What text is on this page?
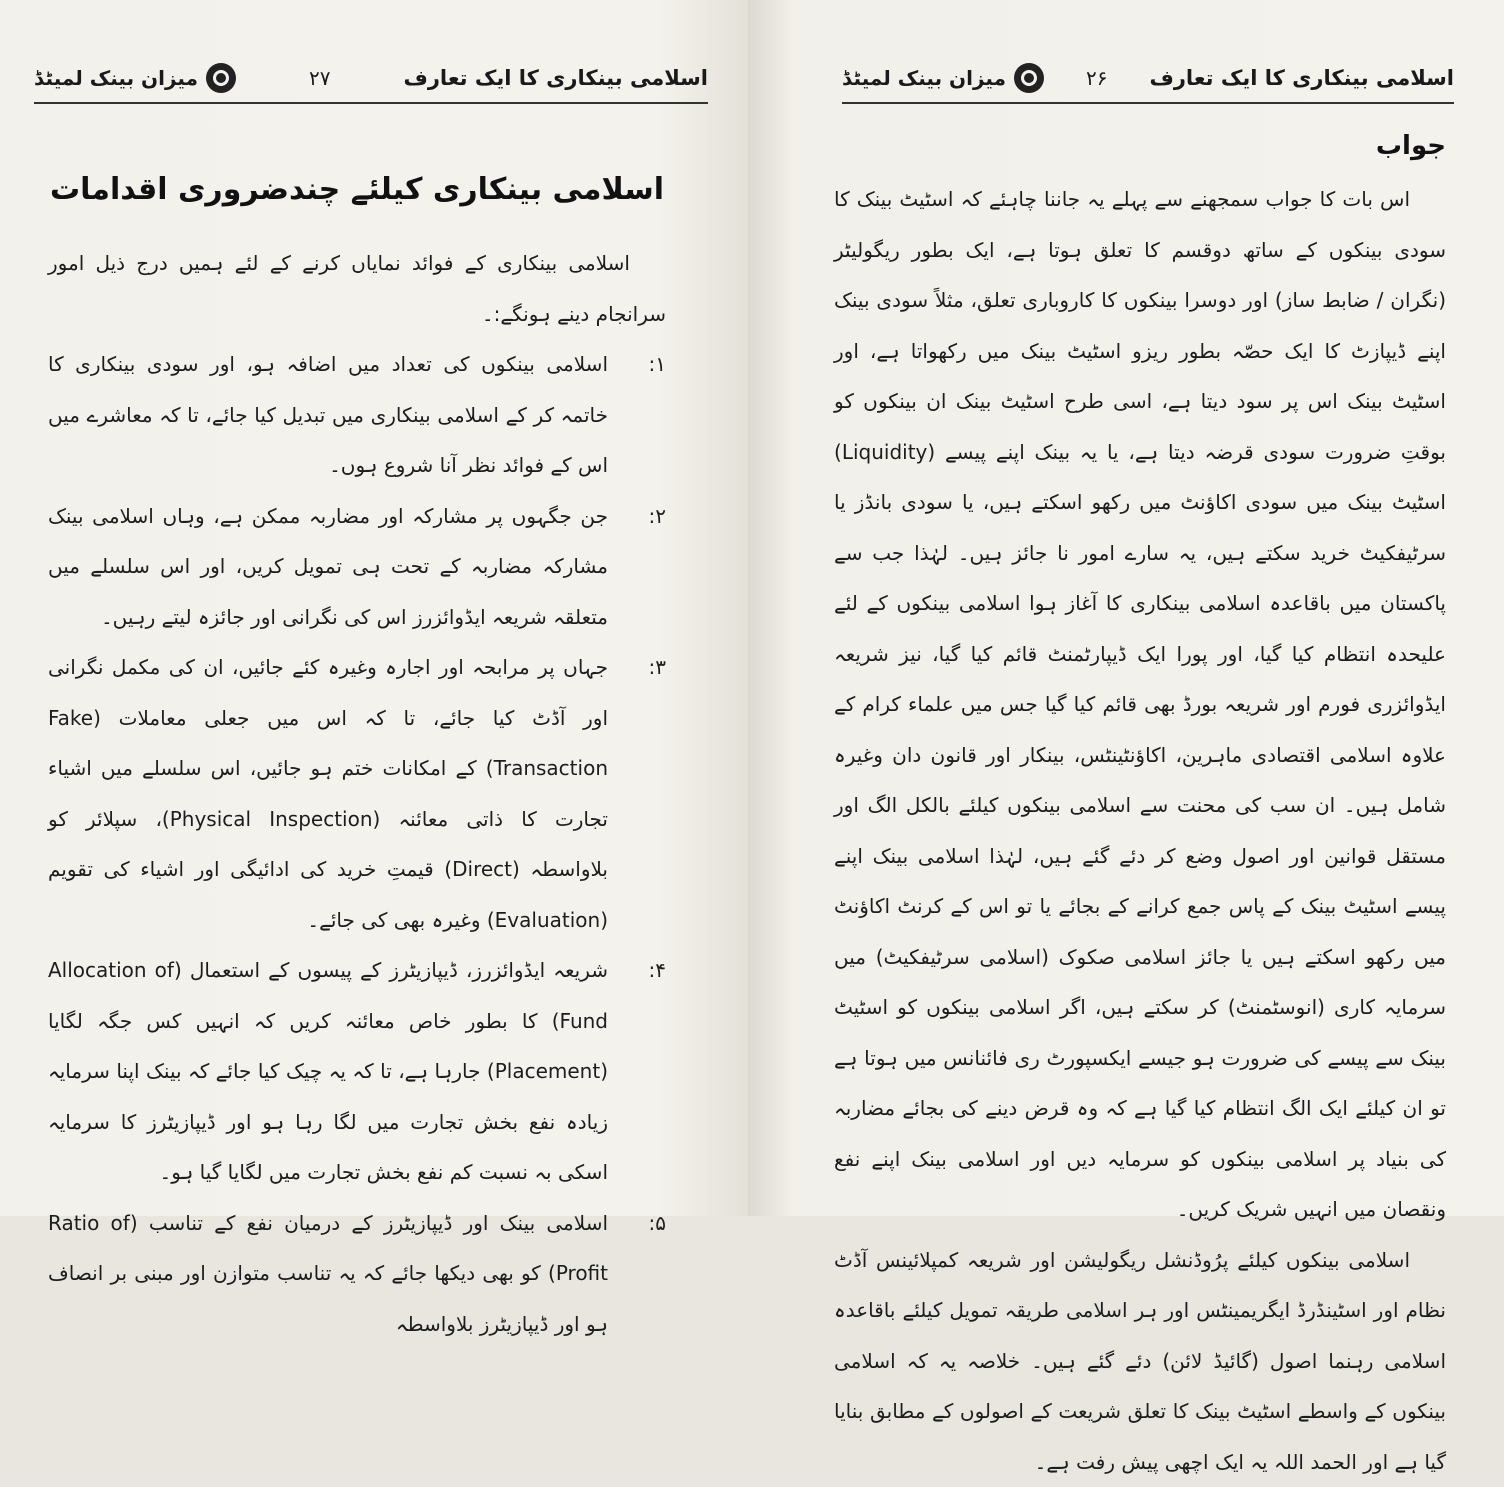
اسلامی بینکاری کا ایک تعارف
۲۷
میزان بینک لمیٹڈ
اسلامی بینکاری کیلئے چندضروری اقدامات

اسلامی بینکاری کے فوائد نمایاں کرنے کے لئے ہمیں درج ذیل امور سرانجام دینے ہونگے:۔

۱:
اسلامی بینکوں کی تعداد میں اضافہ ہو، اور سودی بینکاری کا خاتمہ کر کے اسلامی بینکاری میں تبدیل کیا جائے، تا کہ معاشرے میں اس کے فوائد نظر آنا شروع ہوں۔
۲:
جن جگہوں پر مشارکہ اور مضاربہ ممکن ہے، وہاں اسلامی بینک مشارکہ مضاربہ کے تحت ہی تمویل کریں، اور اس سلسلے میں متعلقہ شریعہ ایڈوائزرز اس کی نگرانی اور جائزہ لیتے رہیں۔
۳:
جہاں پر مرابحہ اور اجارہ وغیرہ کئے جائیں، ان کی مکمل نگرانی اور آڈٹ کیا جائے، تا کہ اس میں جعلی معاملات (Fake Transaction) کے امکانات ختم ہو جائیں، اس سلسلے میں اشیاء تجارت کا ذاتی معائنہ (Physical Inspection)، سپلائر کو بلاواسطہ (Direct) قیمتِ خرید کی ادائیگی اور اشیاء کی تقویم (Evaluation) وغیرہ بھی کی جائے۔
۴:
شریعہ ایڈوائزرز، ڈیپازیٹرز کے پیسوں کے استعمال (Allocation of Fund) کا بطور خاص معائنہ کریں کہ انہیں کس جگہ لگایا (Placement) جارہا ہے، تا کہ یہ چیک کیا جائے کہ بینک اپنا سرمایہ زیادہ نفع بخش تجارت میں لگا رہا ہو اور ڈیپازیٹرز کا سرمایہ اسکی بہ نسبت کم نفع بخش تجارت میں لگایا گیا ہو۔
۵:
اسلامی بینک اور ڈیپازیٹرز کے درمیان نفع کے تناسب (Ratio of Profit) کو بھی دیکھا جائے کہ یہ تناسب متوازن اور مبنی بر انصاف ہو اور ڈیپازیٹرز بلاواسطہ
اسلامی بینکاری کا ایک تعارف
۲۶
میزان بینک لمیٹڈ
جواب

اس بات کا جواب سمجھنے سے پہلے یہ جاننا چاہئے کہ اسٹیٹ بینک کا سودی بینکوں کے ساتھ دوقسم کا تعلق ہوتا ہے، ایک بطور ریگولیٹر (نگران / ضابط ساز) اور دوسرا بینکوں کا کاروباری تعلق، مثلاً سودی بینک اپنے ڈیپازٹ کا ایک حصّہ بطور ریزو اسٹیٹ بینک میں رکھواتا ہے، اور اسٹیٹ بینک اس پر سود دیتا ہے، اسی طرح اسٹیٹ بینک ان بینکوں کو بوقتِ ضرورت سودی قرضہ دیتا ہے، یا یہ بینک اپنے پیسے (Liquidity) اسٹیٹ بینک میں سودی اکاؤنٹ میں رکھو اسکتے ہیں، یا سودی بانڈز یا سرٹیفکیٹ خرید سکتے ہیں، یہ سارے امور نا جائز ہیں۔ لہٰذا جب سے پاکستان میں باقاعدہ اسلامی بینکاری کا آغاز ہوا اسلامی بینکوں کے لئے علیحدہ انتظام کیا گیا، اور پورا ایک ڈیپارٹمنٹ قائم کیا گیا، نیز شریعہ ایڈوائزری فورم اور شریعہ بورڈ بھی قائم کیا گیا جس میں علماء کرام کے علاوہ اسلامی اقتصادی ماہرین، اکاؤنٹینٹس، بینکار اور قانون دان وغیرہ شامل ہیں۔ ان سب کی محنت سے اسلامی بینکوں کیلئے بالکل الگ اور مستقل قوانین اور اصول وضع کر دئے گئے ہیں، لہٰذا اسلامی بینک اپنے پیسے اسٹیٹ بینک کے پاس جمع کرانے کے بجائے یا تو اس کے کرنٹ اکاؤنٹ میں رکھو اسکتے ہیں یا جائز اسلامی صکوک (اسلامی سرٹیفکیٹ) میں سرمایہ کاری (انوسٹمنٹ) کر سکتے ہیں، اگر اسلامی بینکوں کو اسٹیٹ بینک سے پیسے کی ضرورت ہو جیسے ایکسپورٹ ری فائنانس میں ہوتا ہے تو ان کیلئے ایک الگ انتظام کیا گیا ہے کہ وہ قرض دینے کی بجائے مضاربہ کی بنیاد پر اسلامی بینکوں کو سرمایہ دیں اور اسلامی بینک اپنے نفع ونقصان میں انہیں شریک کریں۔

اسلامی بینکوں کیلئے پرُوڈنشل ریگولیشن اور شریعہ کمپلائینس آڈٹ نظام اور اسٹینڈرڈ ایگریمینٹس اور ہر اسلامی طریقہ تمویل کیلئے باقاعدہ اسلامی رہنما اصول (گائیڈ لائن) دئے گئے ہیں۔ خلاصہ یہ کہ اسلامی بینکوں کے واسطے اسٹیٹ بینک کا تعلق شریعت کے اصولوں کے مطابق بنایا گیا ہے اور الحمد اللہ یہ ایک اچھی پیش رفت ہے۔
